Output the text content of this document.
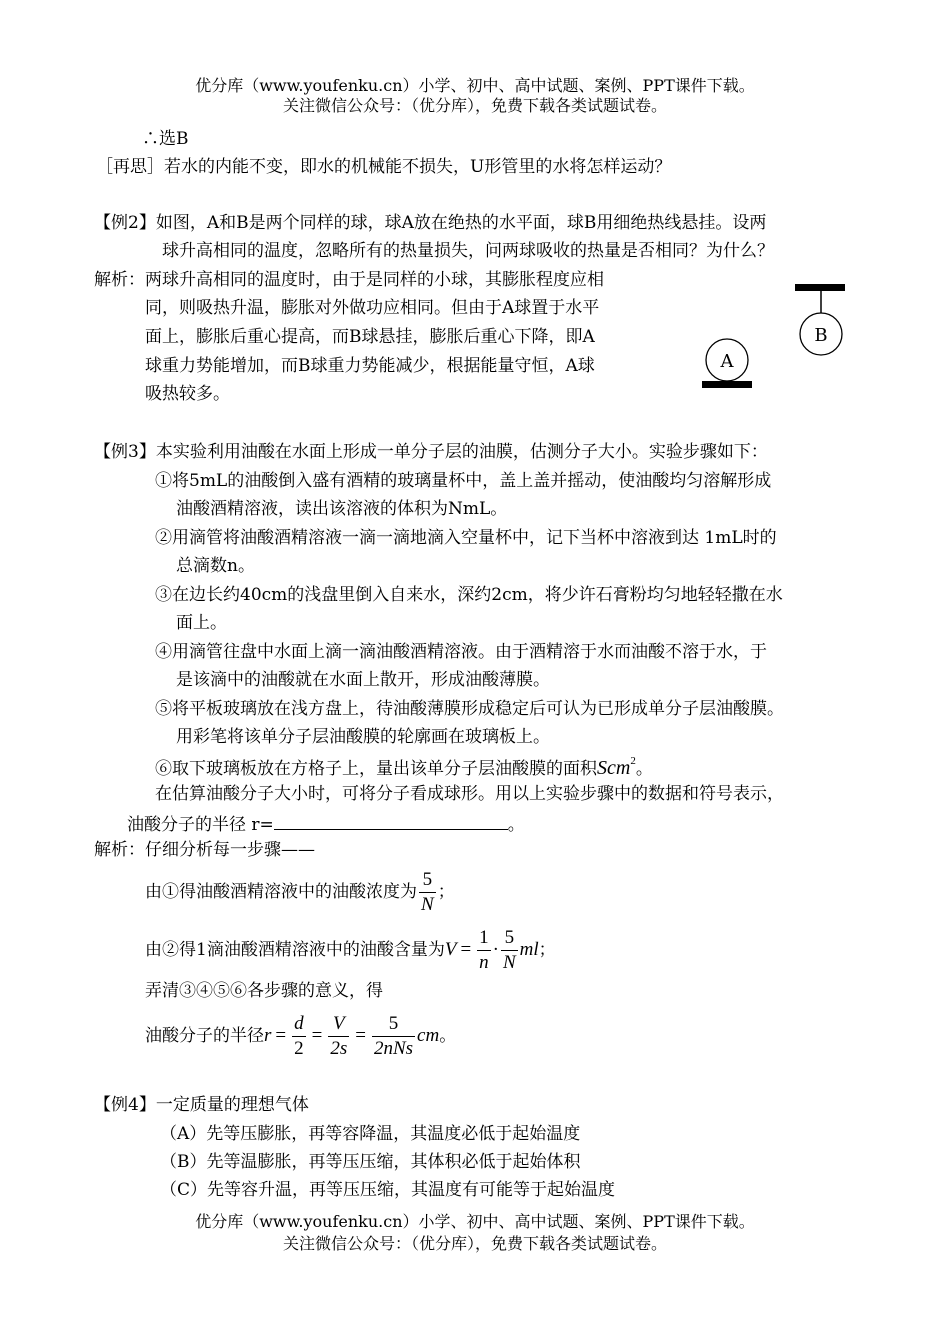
优分库（www.youfenku.cn）小学、初中、高中试题、案例、PPT课件下载。
关注微信公众号：（优分库），免费下载各类试题试卷。
∴选B
［再思］若水的内能不变，即水的机械能不损失，U形管里的水将怎样运动？
【例2】如图，A和B是两个同样的球，球A放在绝热的水平面，球B用细绝热线悬挂。设两
球升高相同的温度，忽略所有的热量损失，问两球吸收的热量是否相同？为什么？
解析：两球升高相同的温度时，由于是同样的小球，其膨胀程度应相
同，则吸热升温，膨胀对外做功应相同。但由于A球置于水平
面上，膨胀后重心提高，而B球悬挂，膨胀后重心下降，即A
球重力势能增加，而B球重力势能减少，根据能量守恒，A球
吸热较多。
B
A
【例3】本实验利用油酸在水面上形成一单分子层的油膜，估测分子大小。实验步骤如下：
①将5mL的油酸倒入盛有酒精的玻璃量杯中，盖上盖并摇动，使油酸均匀溶解形成
油酸酒精溶液，读出该溶液的体积为NmL。
②用滴管将油酸酒精溶液一滴一滴地滴入空量杯中，记下当杯中溶液到达 1mL时的
总滴数n。
③在边长约40cm的浅盘里倒入自来水，深约2cm，将少许石膏粉均匀地轻轻撒在水
面上。
④用滴管往盘中水面上滴一滴油酸酒精溶液。由于酒精溶于水而油酸不溶于水，于
是该滴中的油酸就在水面上散开，形成油酸薄膜。
⑤将平板玻璃放在浅方盘上，待油酸薄膜形成稳定后可认为已形成单分子层油酸膜。
用彩笔将该单分子层油酸膜的轮廓画在玻璃板上。
⑥取下玻璃板放在方格子上，量出该单分子层油酸膜的面积Scm$^2$。
在估算油酸分子大小时，可将分子看成球形。用以上实验步骤中的数据和符号表示，
油酸分子的半径 r=	。
解析：仔细分析每一步骤——
由①得油酸酒精溶液中的油酸浓度为 $\frac{5}{N}$ ；
由②得1滴油酸酒精溶液中的油酸含量为$V = \frac{1}{n} \cdot \frac{5}{N}$ ml；
弄清③④⑤⑥各步骤的意义，得
油酸分子的半径$r = \frac{d}{2} = \frac{V}{2s} = \frac{5}{\text{2nNs}}$ cm。
【例4】一定质量的理想气体
（A）先等压膨胀，再等容降温，其温度必低于起始温度
（B）先等温膨胀，再等压压缩，其体积必低于起始体积
（C）先等容升温，再等压压缩，其温度有可能等于起始温度
优分库（www.youfenku.cn）小学、初中、高中试题、案例、PPT课件下载。
关注微信公众号：（优分库），免费下载各类试题试卷。
